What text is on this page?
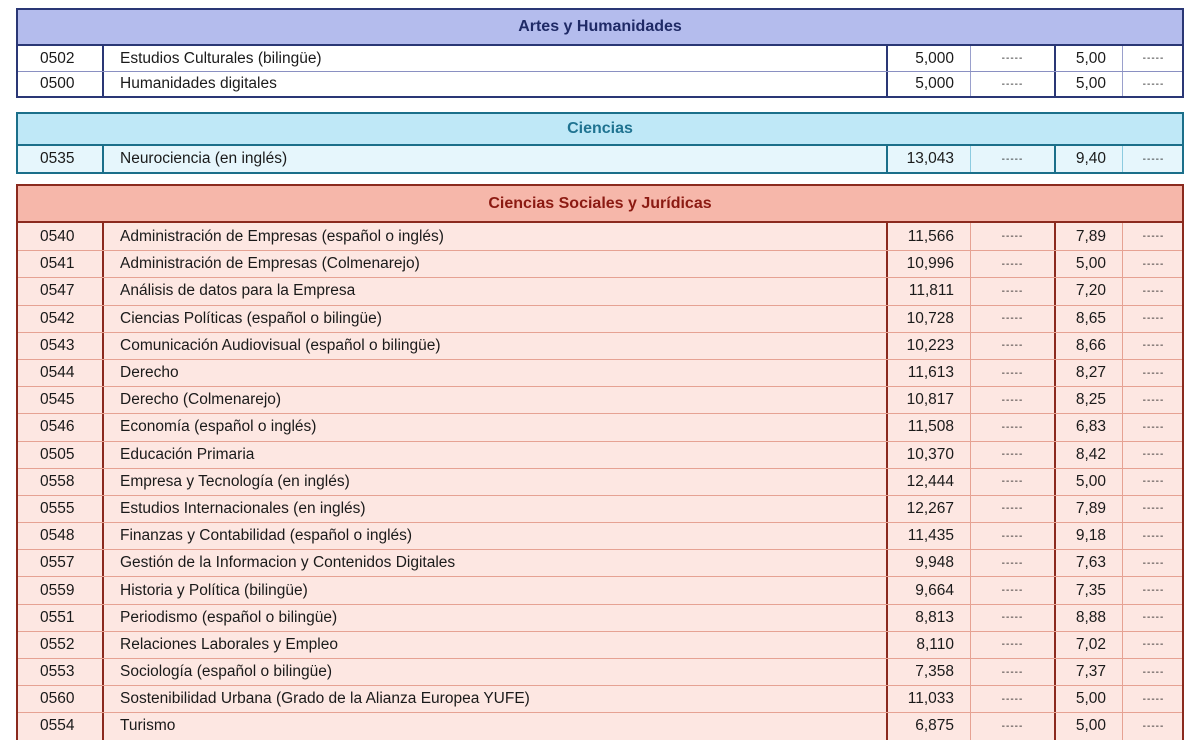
Artes y Humanidades
0502	Estudios Culturales (bilingüe)	5,000	-----	5,00	-----
0500	Humanidades digitales	5,000	-----	5,00	-----
Ciencias
0535	Neurociencia (en inglés)	13,043	-----	9,40	-----
Ciencias Sociales y Jurídicas
0540	Administración de Empresas (español o inglés)	11,566	-----	7,89	-----
0541	Administración de Empresas (Colmenarejo)	10,996	-----	5,00	-----
0547	Análisis de datos para la Empresa	11,811	-----	7,20	-----
0542	Ciencias Políticas (español o bilingüe)	10,728	-----	8,65	-----
0543	Comunicación Audiovisual (español o bilingüe)	10,223	-----	8,66	-----
0544	Derecho	11,613	-----	8,27	-----
0545	Derecho (Colmenarejo)	10,817	-----	8,25	-----
0546	Economía (español o inglés)	11,508	-----	6,83	-----
0505	Educación Primaria	10,370	-----	8,42	-----
0558	Empresa y Tecnología (en inglés)	12,444	-----	5,00	-----
0555	Estudios Internacionales (en inglés)	12,267	-----	7,89	-----
0548	Finanzas y Contabilidad (español o inglés)	11,435	-----	9,18	-----
0557	Gestión de la Informacion y Contenidos Digitales	9,948	-----	7,63	-----
0559	Historia y Política (bilingüe)	9,664	-----	7,35	-----
0551	Periodismo (español o bilingüe)	8,813	-----	8,88	-----
0552	Relaciones Laborales y Empleo	8,110	-----	7,02	-----
0553	Sociología (español o bilingüe)	7,358	-----	7,37	-----
0560	Sostenibilidad Urbana (Grado de la Alianza Europea YUFE)	11,033	-----	5,00	-----
0554	Turismo	6,875	-----	5,00	-----
